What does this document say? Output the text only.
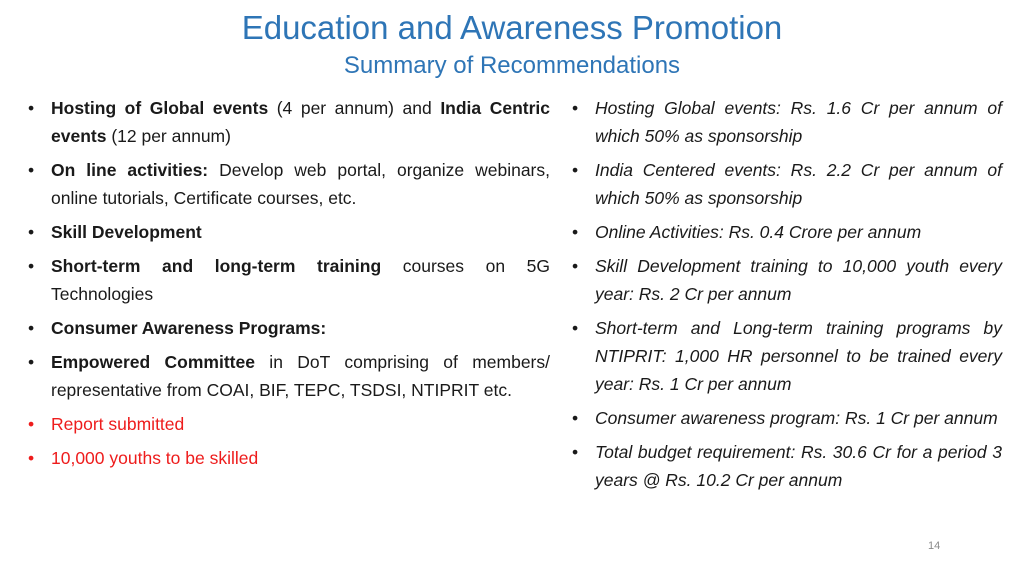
Education and Awareness Promotion
Summary of Recommendations
• Hosting of Global events (4 per annum) and India Centric events (12 per annum)
• On line activities: Develop web portal, organize webinars, online tutorials, Certificate courses, etc.
• Skill Development
• Short-term and long-term training courses on 5G Technologies
• Consumer Awareness Programs:
• Empowered Committee in DoT comprising of members/ representative from COAI, BIF, TEPC, TSDSI, NTIPRIT etc.
• Report submitted
• 10,000 youths to be skilled
• Hosting Global events: Rs. 1.6 Cr per annum of which 50% as sponsorship
• India Centered events: Rs. 2.2 Cr per annum of which 50% as sponsorship
• Online Activities: Rs. 0.4 Crore per annum
• Skill Development training to 10,000 youth every year: Rs. 2 Cr per annum
• Short-term and Long-term training programs by NTIPRIT: 1,000 HR personnel to be trained every year: Rs. 1 Cr per annum
• Consumer awareness program: Rs. 1 Cr per annum
• Total budget requirement: Rs. 30.6 Cr for a period 3 years @ Rs. 10.2 Cr per annum
14
